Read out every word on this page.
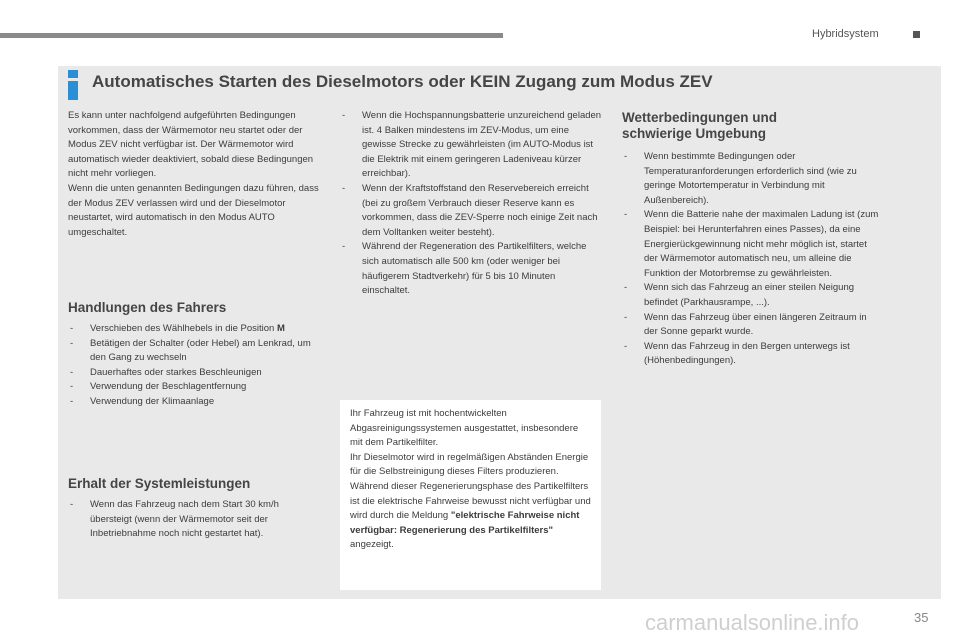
Hybridsystem
Automatisches Starten des Dieselmotors oder KEIN Zugang zum Modus ZEV

Es kann unter nachfolgend aufgeführten Bedingungen vorkommen, dass der Wärmemotor neu startet oder der Modus ZEV nicht verfügbar ist. Der Wärmemotor wird automatisch wieder deaktiviert, sobald diese Bedingungen nicht mehr vorliegen.

Wenn die unten genannten Bedingungen dazu führen, dass der Modus ZEV verlassen wird und der Dieselmotor neustartet, wird automatisch in den Modus AUTO umgeschaltet.

Handlungen des Fahrers

- Verschieben des Wählhebels in die Position M
- Betätigen der Schalter (oder Hebel) am Lenkrad, um den Gang zu wechseln
- Dauerhaftes oder starkes Beschleunigen
- Verwendung der Beschlagentfernung
- Verwendung der Klimaanlage

Erhalt der Systemleistungen

- Wenn das Fahrzeug nach dem Start 30 km/h übersteigt (wenn der Wärmemotor seit der Inbetriebnahme noch nicht gestartet hat).
- Wenn die Hochspannungsbatterie unzureichend geladen ist. 4 Balken mindestens im ZEV-Modus, um eine gewisse Strecke zu gewährleisten (im AUTO-Modus ist die Elektrik mit einem geringeren Ladeniveau kürzer erreichbar).
- Wenn der Kraftstoffstand den Reservebereich erreicht (bei zu großem Verbrauch dieser Reserve kann es vorkommen, dass die ZEV-Sperre noch einige Zeit nach dem Volltanken weiter besteht).
- Während der Regeneration des Partikelfilters, welche sich automatisch alle 500 km (oder weniger bei häufigerem Stadtverkehr) für 5 bis 10 Minuten einschaltet.

Ihr Fahrzeug ist mit hochentwickelten Abgasreinigungssystemen ausgestattet, insbesondere mit dem Partikelfilter.

Ihr Dieselmotor wird in regelmäßigen Abständen Energie für die Selbstreinigung dieses Filters produzieren.

Während dieser Regenerierungsphase des Partikelfilters ist die elektrische Fahrweise bewusst nicht verfügbar und wird durch die Meldung "elektrische Fahrweise nicht verfügbar: Regenerierung des Partikelfilters" angezeigt.

Wetterbedingungen und
schwierige Umgebung

- Wenn bestimmte Bedingungen oder Temperaturanforderungen erforderlich sind (wie zu geringe Motortemperatur in Verbindung mit Außenbereich).
- Wenn die Batterie nahe der maximalen Ladung ist (zum Beispiel: bei Herunterfahren eines Passes), da eine Energierückgewinnung nicht mehr möglich ist, startet der Wärmemotor automatisch neu, um alleine die Funktion der Motorbremse zu gewährleisten.
- Wenn sich das Fahrzeug an einer steilen Neigung befindet (Parkhausrampe, ...).
- Wenn das Fahrzeug über einen längeren Zeitraum in der Sonne geparkt wurde.
- Wenn das Fahrzeug in den Bergen unterwegs ist (Höhenbedingungen).
carmanualsonline.info	35
